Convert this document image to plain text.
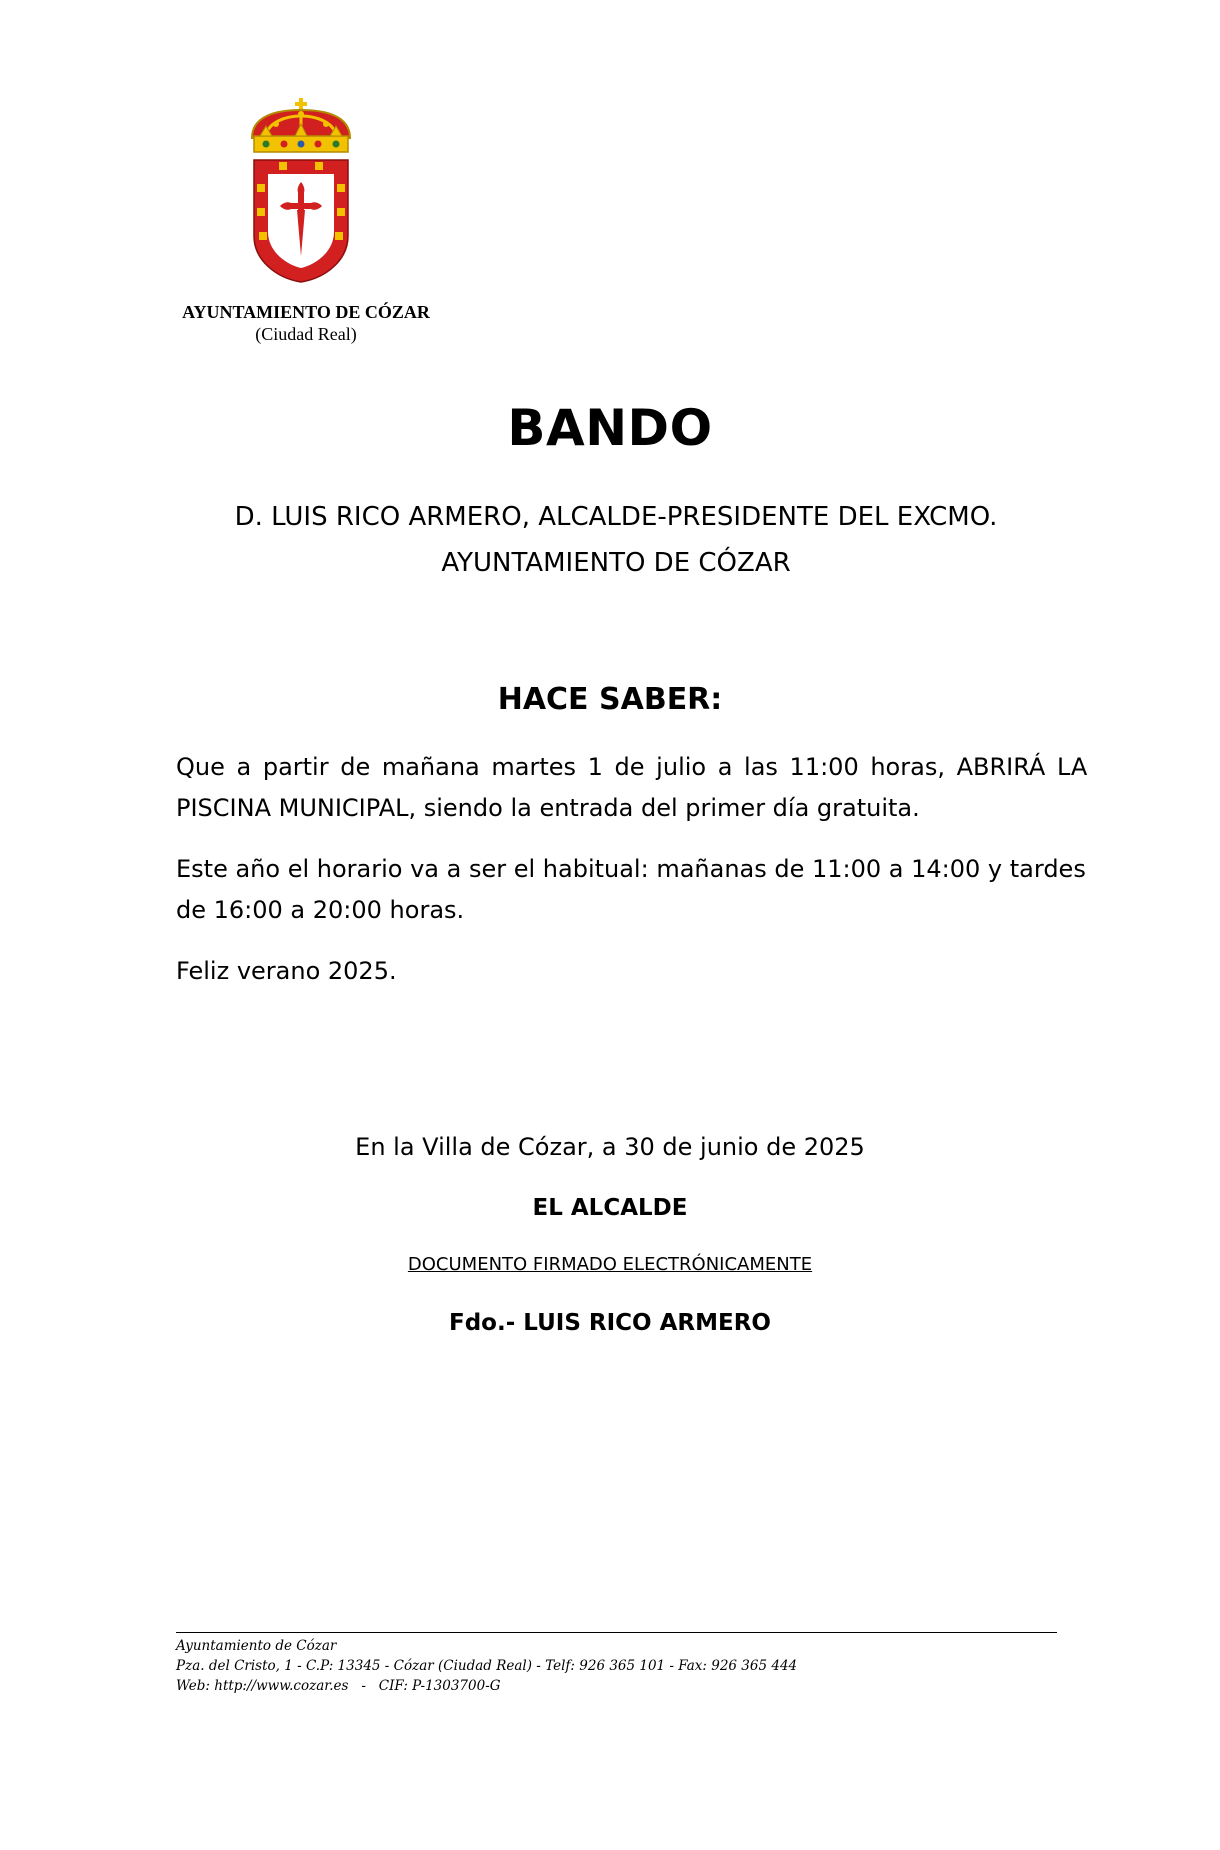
AYUNTAMIENTO DE CÓZAR
(Ciudad Real)
BANDO
D. LUIS RICO ARMERO, ALCALDE-PRESIDENTE DEL EXCMO.
AYUNTAMIENTO DE CÓZAR
HACE SABER:
Que a partir de mañana martes 1 de julio a las 11:00 horas, ABRIRÁ LA
PISCINA MUNICIPAL, siendo la entrada del primer día gratuita.
Este año el horario va a ser el habitual: mañanas de 11:00 a 14:00 y tardes
de 16:00 a 20:00 horas.
Feliz verano 2025.
En la Villa de Cózar, a 30 de junio de 2025
EL ALCALDE
DOCUMENTO FIRMADO ELECTRÓNICAMENTE
Fdo.- LUIS RICO ARMERO
Ayuntamiento de Cózar
Pza. del Cristo, 1 - C.P: 13345 - Cózar (Ciudad Real) - Telf: 926 365 101 - Fax: 926 365 444
Web: http://www.cozar.es   -   CIF: P-1303700-G
